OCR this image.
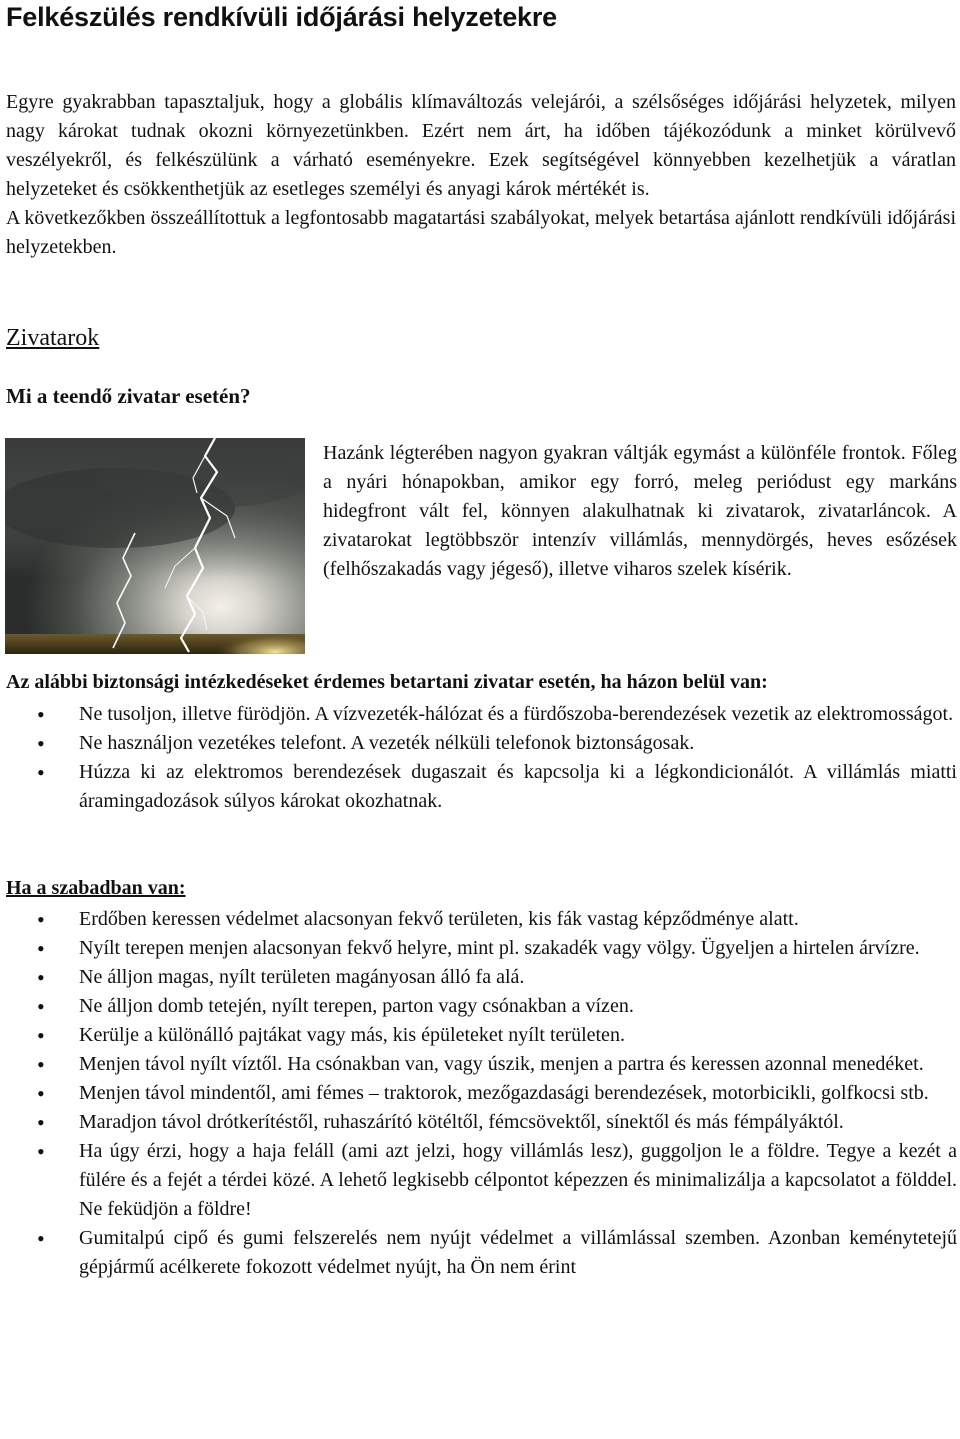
Felkészülés rendkívüli időjárási helyzetekre

Egyre gyakrabban tapasztaljuk, hogy a globális klímaváltozás velejárói, a szélsőséges időjárási helyzetek, milyen nagy károkat tudnak okozni környezetünkben. Ezért nem árt, ha időben tájékozódunk a minket körülvevő veszélyekről, és felkészülünk a várható eseményekre. Ezek segítségével könnyebben kezelhetjük a váratlan helyzeteket és csökkenthetjük az esetleges személyi és anyagi károk mértékét is.

A következőkben összeállítottuk a legfontosabb magatartási szabályokat, melyek betartása ajánlott rendkívüli időjárási helyzetekben.

Zivatarok
Mi a teendő zivatar esetén?

Hazánk légterében nagyon gyakran váltják egymást a különféle frontok. Főleg a nyári hónapokban, amikor egy forró, meleg periódust egy markáns hidegfront vált fel, könnyen alakulhatnak ki zivatarok, zivatarláncok. A zivatarokat legtöbbször intenzív villámlás, mennydörgés, heves esőzések (felhőszakadás vagy jégeső), illetve viharos szelek kísérik.

Az alábbi biztonsági intézkedéseket érdemes betartani zivatar esetén, ha házon belül van:
• Ne tusoljon, illetve fürödjön. A vízvezeték-hálózat és a fürdőszoba-berendezések vezetik az elektromosságot.
• Ne használjon vezetékes telefont. A vezeték nélküli telefonok biztonságosak.
• Húzza ki az elektromos berendezések dugaszait és kapcsolja ki a légkondicionálót. A villámlás miatti áramingadozások súlyos károkat okozhatnak.
Ha a szabadban van:
• Erdőben keressen védelmet alacsonyan fekvő területen, kis fák vastag képződménye alatt.
• Nyílt terepen menjen alacsonyan fekvő helyre, mint pl. szakadék vagy völgy. Ügyeljen a hirtelen árvízre.
• Ne álljon magas, nyílt területen magányosan álló fa alá.
• Ne álljon domb tetején, nyílt terepen, parton vagy csónakban a vízen.
• Kerülje a különálló pajtákat vagy más, kis épületeket nyílt területen.
• Menjen távol nyílt víztől. Ha csónakban van, vagy úszik, menjen a partra és keressen azonnal menedéket.
• Menjen távol mindentől, ami fémes – traktorok, mezőgazdasági berendezések, motorbicikli, golfkocsi stb.
• Maradjon távol drótkerítéstől, ruhaszárító kötéltől, fémcsövektől, sínektől és más fémpályáktól.
• Ha úgy érzi, hogy a haja feláll (ami azt jelzi, hogy villámlás lesz), guggoljon le a földre. Tegye a kezét a fülére és a fejét a térdei közé. A lehető legkisebb célpontot képezzen és minimalizálja a kapcsolatot a földdel. Ne feküdjön a földre!
• Gumitalpú cipő és gumi felszerelés nem nyújt védelmet a villámlással szemben. Azonban keménytetejű gépjármű acélkerete fokozott védelmet nyújt, ha Ön nem érint
